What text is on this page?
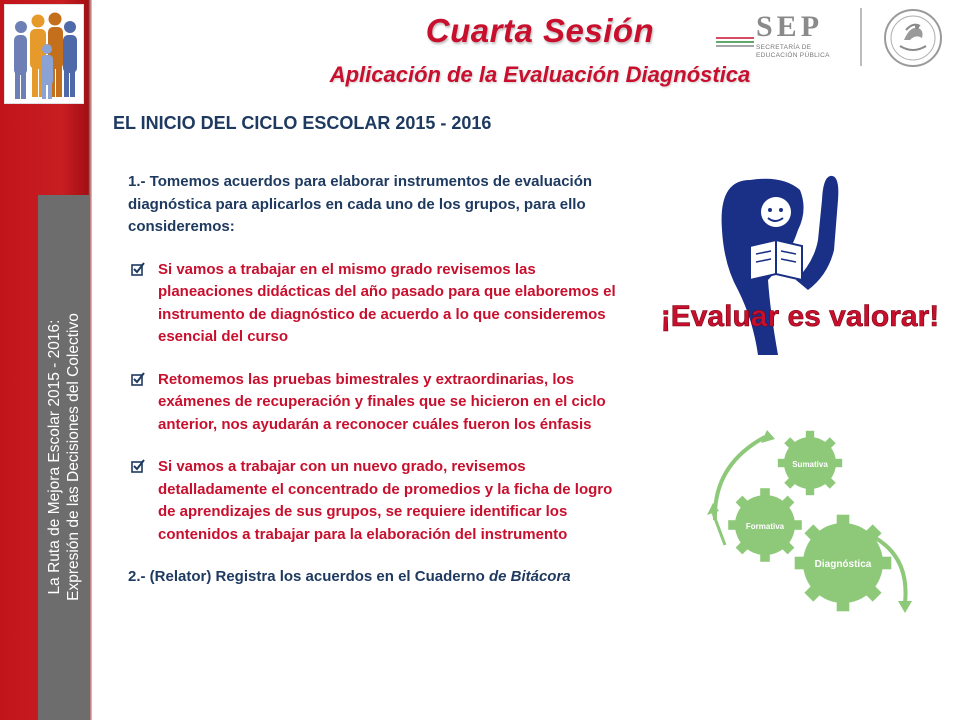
La Ruta de Mejora Escolar 2015 - 2016: Expresión de las Decisiones del Colectivo
Cuarta Sesión
Aplicación de la Evaluación Diagnóstica
SEP
SECRETARÍA DE
EDUCACIÓN PÚBLICA
EL INICIO DEL CICLO ESCOLAR 2015 - 2016

1.- Tomemos acuerdos para elaborar instrumentos de evaluación diagnóstica para aplicarlos en cada uno de los grupos, para ello consideremos:

Si vamos a trabajar en el mismo grado revisemos las planeaciones didácticas del año pasado para que elaboremos el instrumento de diagnóstico de acuerdo a lo que consideremos esencial del curso
Retomemos las pruebas bimestrales y extraordinarias, los exámenes de recuperación y finales que se hicieron en el ciclo anterior, nos ayudarán a reconocer cuáles fueron los énfasis
Si vamos a trabajar con un nuevo grado, revisemos detalladamente el concentrado de promedios y la ficha de logro de aprendizajes de sus grupos, se requiere identificar los contenidos a trabajar para la elaboración del instrumento

2.- (Relator) Registra los acuerdos en el Cuaderno de Bitácora

¡Evaluar es valorar!
Sumativa
Formativa
Diagnóstica
